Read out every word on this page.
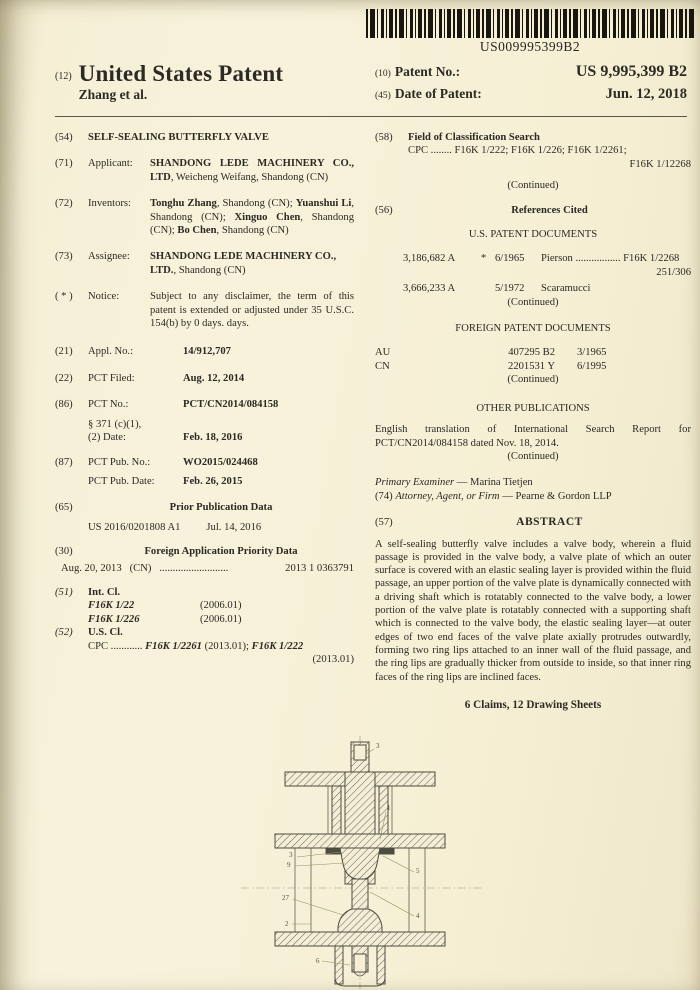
US009995399B2
(12) United States Patent
Zhang et al.
(10) Patent No.:	US 9,995,399 B2
(45) Date of Patent:	Jun. 12, 2018
(54)	SELF-SEALING BUTTERFLY VALVE
(71)	Applicant:	SHANDONG LEDE MACHINERY CO., LTD, Weicheng Weifang, Shandong (CN)
(72)	Inventors:	Tonghu Zhang, Shandong (CN); Yuanshui Li, Shandong (CN); Xinguo Chen, Shandong (CN); Bo Chen, Shandong (CN)
(73)	Assignee:	SHANDONG LEDE MACHINERY CO., LTD., Shandong (CN)
( * )	Notice:	Subject to any disclaimer, the term of this patent is extended or adjusted under 35 U.S.C. 154(b) by 0 days. days.
(21)	Appl. No.:	14/912,707
(22)	PCT Filed:	Aug. 12, 2014
(86)	PCT No.:	PCT/CN2014/084158
§ 371 (c)(1),
(2) Date:	Feb. 18, 2016
(87)	PCT Pub. No.:	WO2015/024468
PCT Pub. Date:	Feb. 26, 2015
(65)	Prior Publication Data
US 2016/0201808 A1 Jul. 14, 2016
(30)	Foreign Application Priority Data
Aug. 20, 2013 (CN) ..........................	2013 1 0363791
(51)	Int. Cl.
F16K 1/22	(2006.01)
F16K 1/226	(2006.01)
(52)	U.S. Cl.
CPC ............ F16K 1/2261 (2013.01); F16K 1/222
(2013.01)
(58)	Field of Classification Search
CPC ........ F16K 1/222; F16K 1/226; F16K 1/2261;
F16K 1/12268
(Continued)
(56)	References Cited
U.S. PATENT DOCUMENTS
3,186,682 A	* 6/1965	Pierson ................. F16K 1/2268
251/306
3,666,233 A	5/1972	Scaramucci
(Continued)
FOREIGN PATENT DOCUMENTS
AU	407295 B2	3/1965
CN	2201531 Y	6/1995
(Continued)
OTHER PUBLICATIONS
English translation of International Search Report for PCT/CN2014/084158 dated Nov. 18, 2014.
(Continued)
Primary Examiner — Marina Tietjen
(74) Attorney, Agent, or Firm — Pearne & Gordon LLP
(57)	ABSTRACT
A self-sealing butterfly valve includes a valve body, wherein a fluid passage is provided in the valve body, a valve plate of which an outer surface is covered with an elastic sealing layer is provided within the fluid passage, an upper portion of the valve plate is dynamically connected with a driving shaft which is rotatably connected to the valve body, a lower portion of the valve plate is rotatably connected with a supporting shaft which is connected to the valve body, the elastic sealing layer—at outer edges of two end faces of the valve plate axially protrudes outwardly, forming two ring lips attached to an inner wall of the fluid passage, and the ring lips are gradually thicker from outside to inside, so that inner ring faces of the ring lips are inclined faces.
6 Claims, 12 Drawing Sheets
3
1
5
4
3
9
27
2
6
